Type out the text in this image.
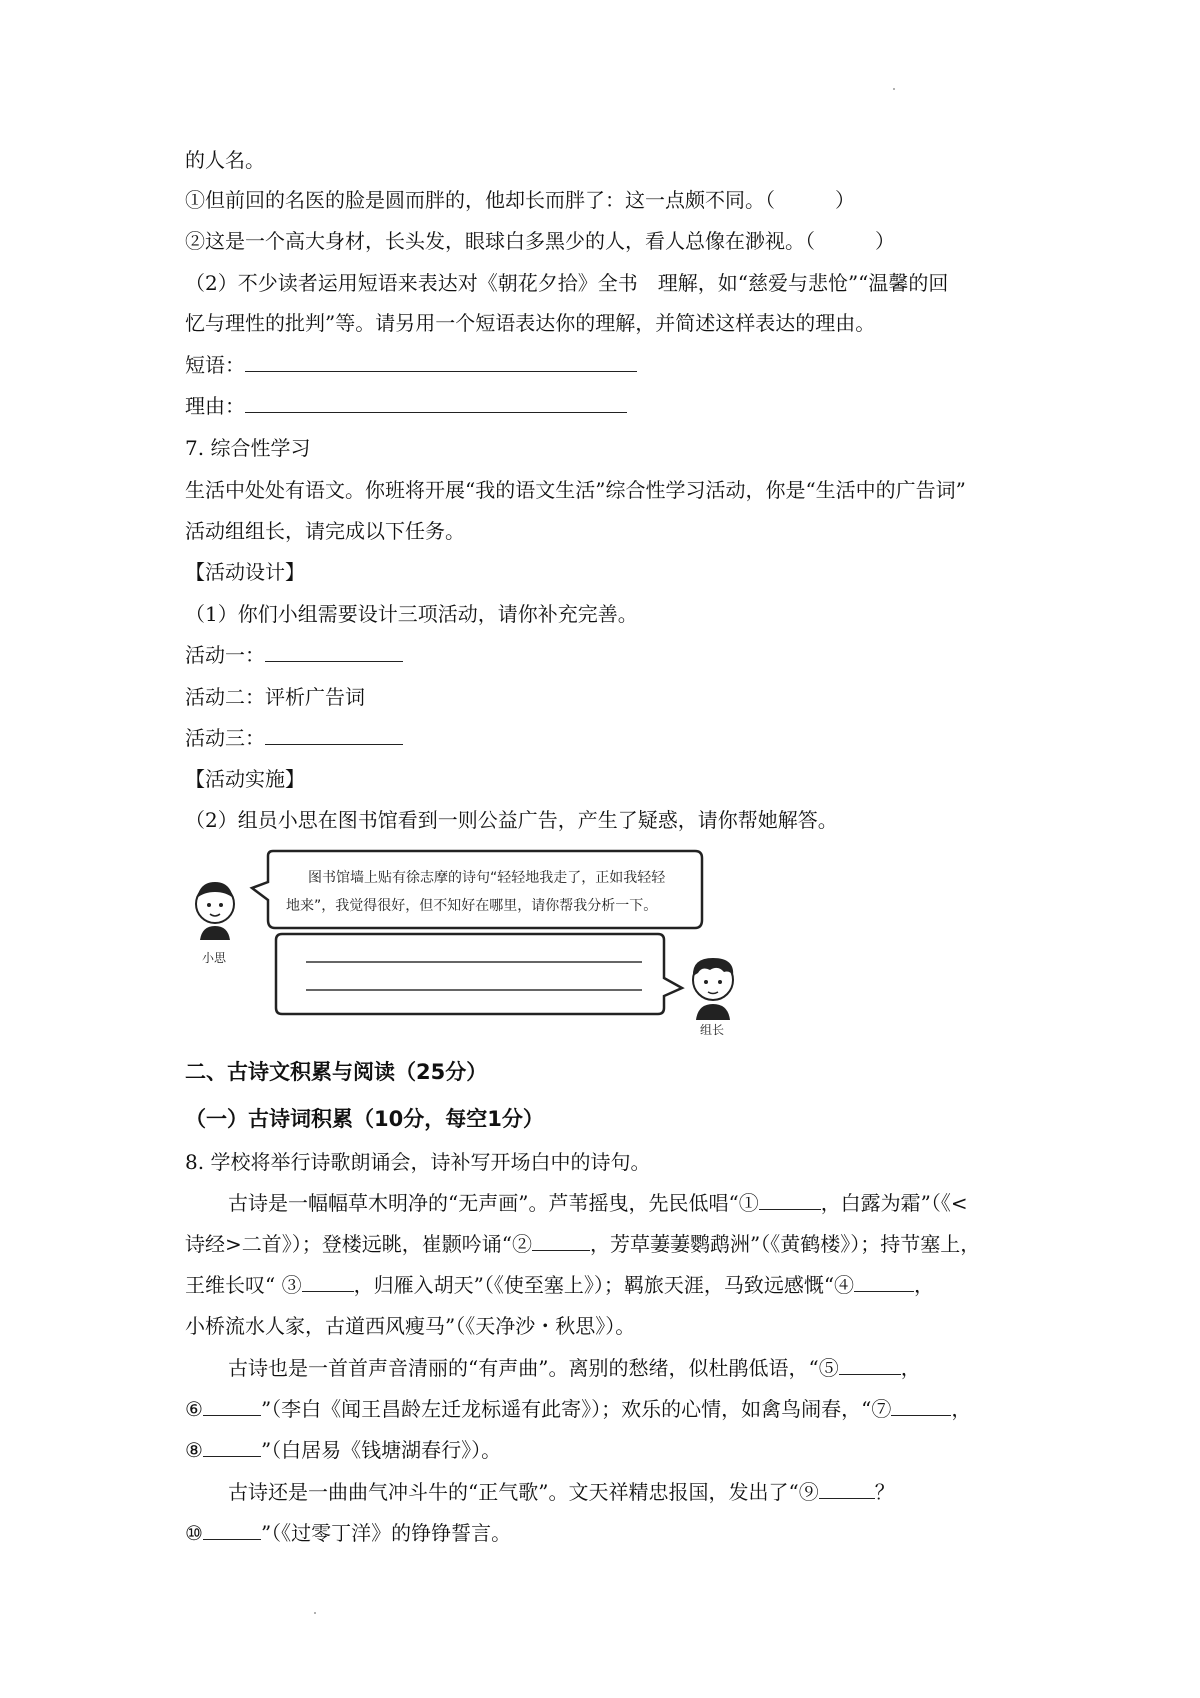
的人名。
①但前回的名医的脸是圆而胖的，他却长而胖了：这一点颇不同。（　　　）
②这是一个高大身材，长头发，眼球白多黑少的人，看人总像在渺视。（　　　）
（2）不少读者运用短语来表达对《朝花夕拾》全书　理解，如“慈爱与悲怆”“温馨的回
忆与理性的批判”等。请另用一个短语表达你的理解，并简述这样表达的理由。
短语：
理由：
7. 综合性学习
生活中处处有语文。你班将开展“我的语文生活”综合性学习活动，你是“生活中的广告词”
活动组组长，请完成以下任务。
【活动设计】
（1）你们小组需要设计三项活动，请你补充完善。
活动一：
活动二：评析广告词
活动三：
【活动实施】
（2）组员小思在图书馆看到一则公益广告，产生了疑惑，请你帮她解答。
图书馆墙上贴有徐志摩的诗句“轻轻地我走了，正如我轻轻
地来”，我觉得很好，但不知好在哪里，请你帮我分析一下。
小思
组长
二、古诗文积累与阅读（25分）
（一）古诗词积累（10分，每空1分）
8. 学校将举行诗歌朗诵会，诗补写开场白中的诗句。
古诗是一幅幅草木明净的“无声画”。芦苇摇曳，先民低唱“①	，白露为霜”（《<
诗经>二首》）；登楼远眺，崔颢吟诵“②	，芳草萋萋鹦鹉洲”（《黄鹤楼》）；持节塞上，
王维长叹“ ③	，归雁入胡天”（《使至塞上》）；羁旅天涯，马致远感慨“④	，
小桥流水人家，古道西风瘦马”（《天净沙・秋思》）。
古诗也是一首首声音清丽的“有声曲”。离别的愁绪，似杜鹃低语，“⑤	，
⑥	”（李白《闻王昌龄左迁龙标遥有此寄》）；欢乐的心情，如禽鸟闹春，“⑦	，
⑧	”（白居易《钱塘湖春行》）。
古诗还是一曲曲气冲斗牛的“正气歌”。文天祥精忠报国，发出了“⑨	？
⑩	”（《过零丁洋》的铮铮誓言。
